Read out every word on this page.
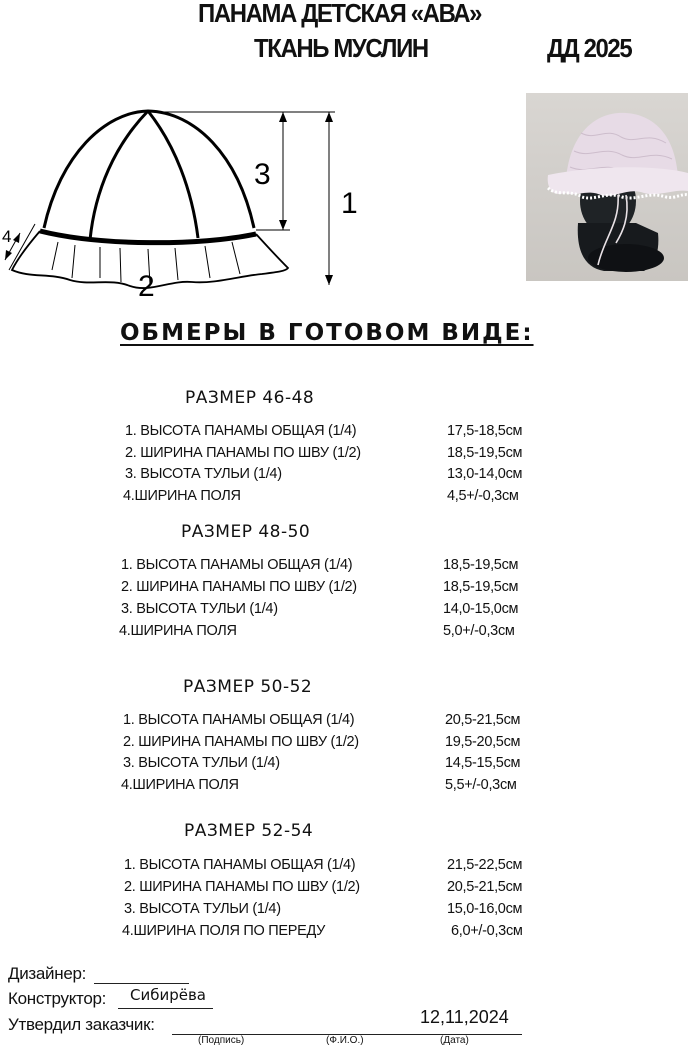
ПАНАМА ДЕТСКАЯ «АВА»
ТКАНЬ МУСЛИН	ДД 2025
3
1
2
4
ОБМЕРЫ В ГОТОВОМ ВИДЕ:
РАЗМЕР 46-48
1. ВЫСОТА ПАНАМЫ ОБЩАЯ (1/4)	17,5-18,5см
2. ШИРИНА ПАНАМЫ ПО ШВУ (1/2)	18,5-19,5см
3. ВЫСОТА ТУЛЬИ (1/4)	13,0-14,0см
4.ШИРИНА ПОЛЯ	4,5+/-0,3см
РАЗМЕР 48-50
1. ВЫСОТА ПАНАМЫ ОБЩАЯ (1/4)	18,5-19,5см
2. ШИРИНА ПАНАМЫ ПО ШВУ (1/2)	18,5-19,5см
3. ВЫСОТА ТУЛЬИ (1/4)	14,0-15,0см
4.ШИРИНА ПОЛЯ	5,0+/-0,3см
РАЗМЕР 50-52
1. ВЫСОТА ПАНАМЫ ОБЩАЯ (1/4)	20,5-21,5см
2. ШИРИНА ПАНАМЫ ПО ШВУ (1/2)	19,5-20,5см
3. ВЫСОТА ТУЛЬИ (1/4)	14,5-15,5см
4.ШИРИНА ПОЛЯ	5,5+/-0,3см
РАЗМЕР 52-54
1. ВЫСОТА ПАНАМЫ ОБЩАЯ (1/4)	21,5-22,5см
2. ШИРИНА ПАНАМЫ ПО ШВУ (1/2)	20,5-21,5см
3. ВЫСОТА ТУЛЬИ (1/4)	15,0-16,0см
4.ШИРИНА ПОЛЯ ПО ПЕРЕДУ	6,0+/-0,3см
Дизайнер:
Конструктор: Сибирёва
Утвердил заказчик:	12,11,2024
(Подпись)	(Ф.И.О.)	(Дата)
